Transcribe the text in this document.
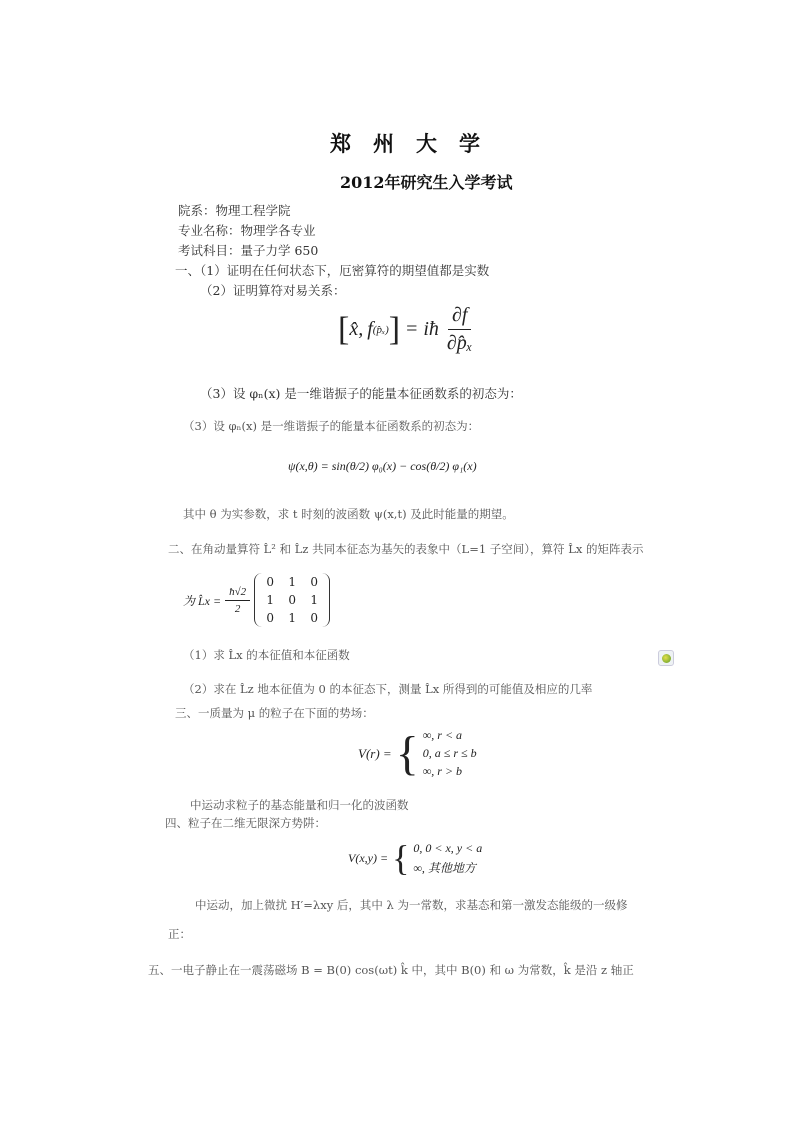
郑州大学
2012年研究生入学考试
院系：物理工程学院
专业名称：物理学各专业
考试科目：量子力学 650
一、（1）证明在任何状态下，厄密算符的期望值都是实数
（2）证明算符对易关系：
[ x̂ , f (p̂ₓ) ] = iħ $\frac{\partial f}{\text{∂p̂ₓ}}$
（3）设 φₙ(x) 是一维谐振子的能量本征函数系的初态为：
（3）设 φₙ(x) 是一维谐振子的能量本征函数系的初态为：
ψ(x,θ) = sin(θ/2) φ₀(x) − cos(θ/2) φ₁(x)
其中 θ 为实参数，求 t 时刻的波函数 ψ(x,t) 及此时能量的期望。
二、在角动量算符 L̂² 和 L̂z 共同本征态为基矢的表象中（L=1 子空间），算符 L̂x 的矩阵表示
为 L̂x = $\frac{ħ√2}{2}$
0	1	0
1	0	1
0	1	0
（1）求 L̂x 的本征值和本征函数
（2）求在 L̂z 地本征值为 0 的本征态下，测量 L̂x 所得到的可能值及相应的几率
三、一质量为 μ 的粒子在下面的势场：
V(r) = { ∞, r < a
0, a ≤ r ≤ b
∞, r > b
中运动求粒子的基态能量和归一化的波函数
四、粒子在二维无限深方势阱：
V(x,y) = { 0, 0 < x, y < a
∞, 其他地方
中运动，加上微扰 H′=λxy 后，其中 λ 为一常数，求基态和第一激发态能级的一级修
正：
五、一电子静止在一震荡磁场 B = B(0) cos(ωt) k̂ 中，其中 B(0) 和 ω 为常数，k̂ 是沿 z 轴正
